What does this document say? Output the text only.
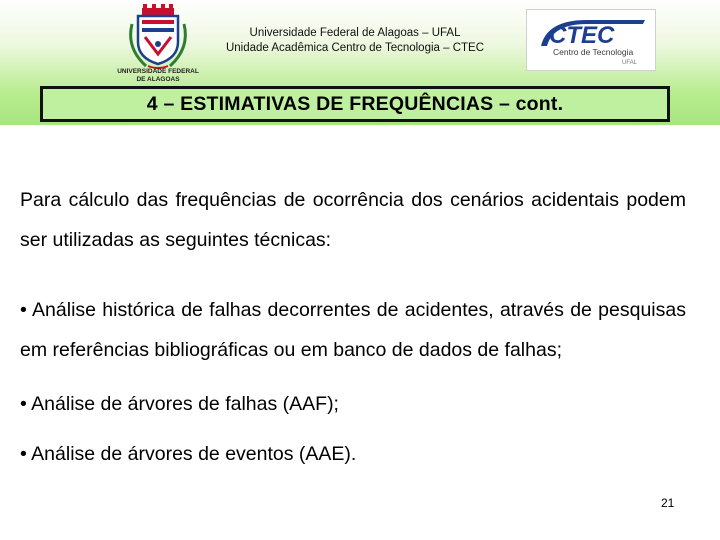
UNIVERSIDADE FEDERAL
DE ALAGOAS
Universidade Federal de Alagoas – UFAL
Unidade Acadêmica Centro de Tecnologia – CTEC	CTEC
Centro de Tecnologia
UFAL
4 – ESTIMATIVAS DE FREQUÊNCIAS – cont.

Para cálculo das frequências de ocorrência dos cenários acidentais podem ser utilizadas as seguintes técnicas:

• Análise histórica de falhas decorrentes de acidentes, através de pesquisas em referências bibliográficas ou em banco de dados de falhas;

• Análise de árvores de falhas (AAF);

• Análise de árvores de eventos (AAE).

21
